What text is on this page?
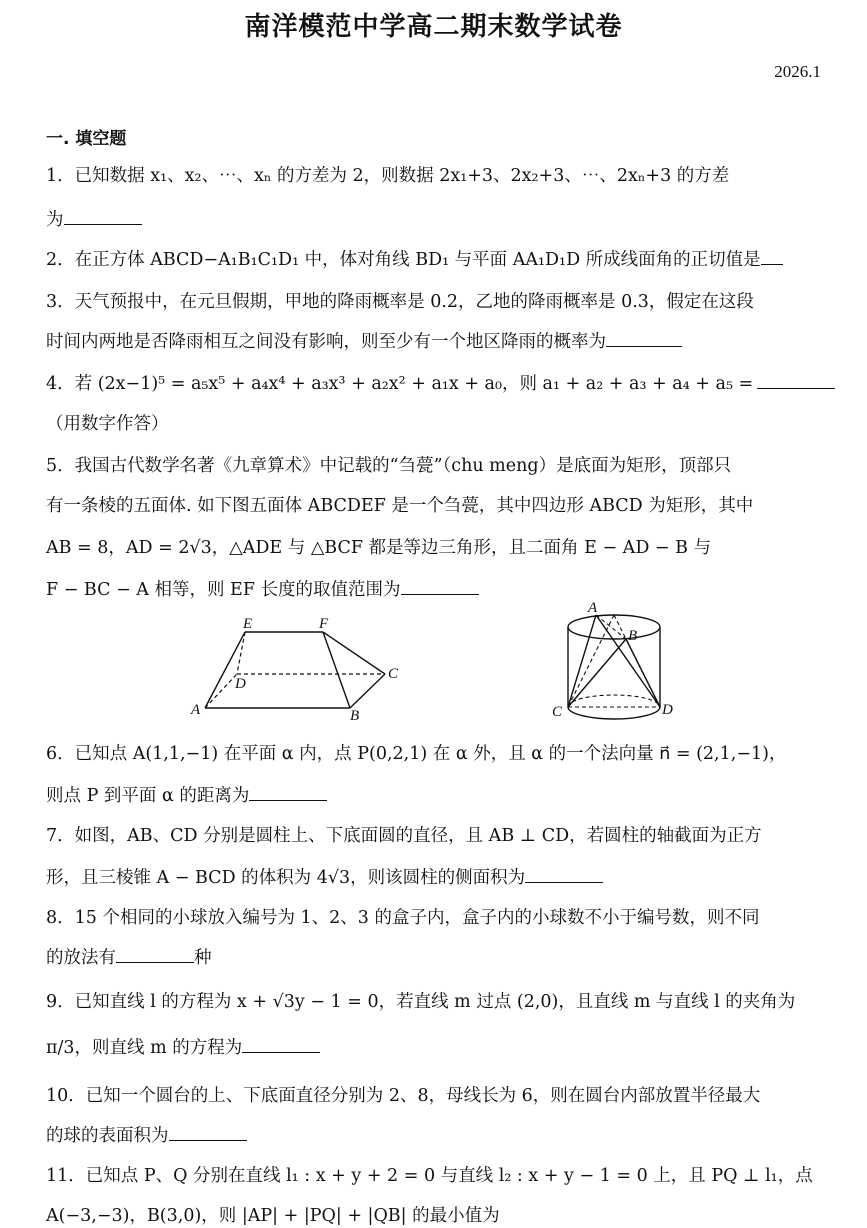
南洋模范中学高二期末数学试卷
2026.1
一. 填空题
1．已知数据 x₁、x₂、⋯、xₙ 的方差为 2，则数据 2x₁+3、2x₂+3、⋯、2xₙ+3 的方差
为
2．在正方体 ABCD−A₁B₁C₁D₁ 中，体对角线 BD₁ 与平面 AA₁D₁D 所成线面角的正切值是
3．天气预报中，在元旦假期，甲地的降雨概率是 0.2，乙地的降雨概率是 0.3，假定在这段
时间内两地是否降雨相互之间没有影响，则至少有一个地区降雨的概率为
4．若 (2x−1)⁵ = a₅x⁵ + a₄x⁴ + a₃x³ + a₂x² + a₁x + a₀，则 a₁ + a₂ + a₃ + a₄ + a₅ =
（用数字作答）
5．我国古代数学名著《九章算术》中记载的“刍甍”（chu meng）是底面为矩形，顶部只
有一条棱的五面体. 如下图五面体 ABCDEF 是一个刍甍，其中四边形 ABCD 为矩形，其中
AB = 8，AD = 2√3，△ADE 与 △BCF 都是等边三角形，且二面角 E − AD − B 与
F − BC − A 相等，则 EF 长度的取值范围为
E	F
C
D
A	B
A
B
C	D
6．已知点 A(1,1,−1) 在平面 α 内，点 P(0,2,1) 在 α 外，且 α 的一个法向量 n⃗ = (2,1,−1)，
则点 P 到平面 α 的距离为
7．如图，AB、CD 分别是圆柱上、下底面圆的直径，且 AB ⊥ CD，若圆柱的轴截面为正方
形，且三棱锥 A − BCD 的体积为 4√3，则该圆柱的侧面积为
8．15 个相同的小球放入编号为 1、2、3 的盒子内，盒子内的小球数不小于编号数，则不同
的放法有	种
9．已知直线 l 的方程为 x + √3y − 1 = 0，若直线 m 过点 (2,0)，且直线 m 与直线 l 的夹角为
π/3，则直线 m 的方程为
10．已知一个圆台的上、下底面直径分别为 2、8，母线长为 6，则在圆台内部放置半径最大
的球的表面积为
11．已知点 P、Q 分别在直线 l₁ : x + y + 2 = 0 与直线 l₂ : x + y − 1 = 0 上，且 PQ ⊥ l₁，点
A(−3,−3)，B(3,0)，则 |AP| + |PQ| + |QB| 的最小值为
